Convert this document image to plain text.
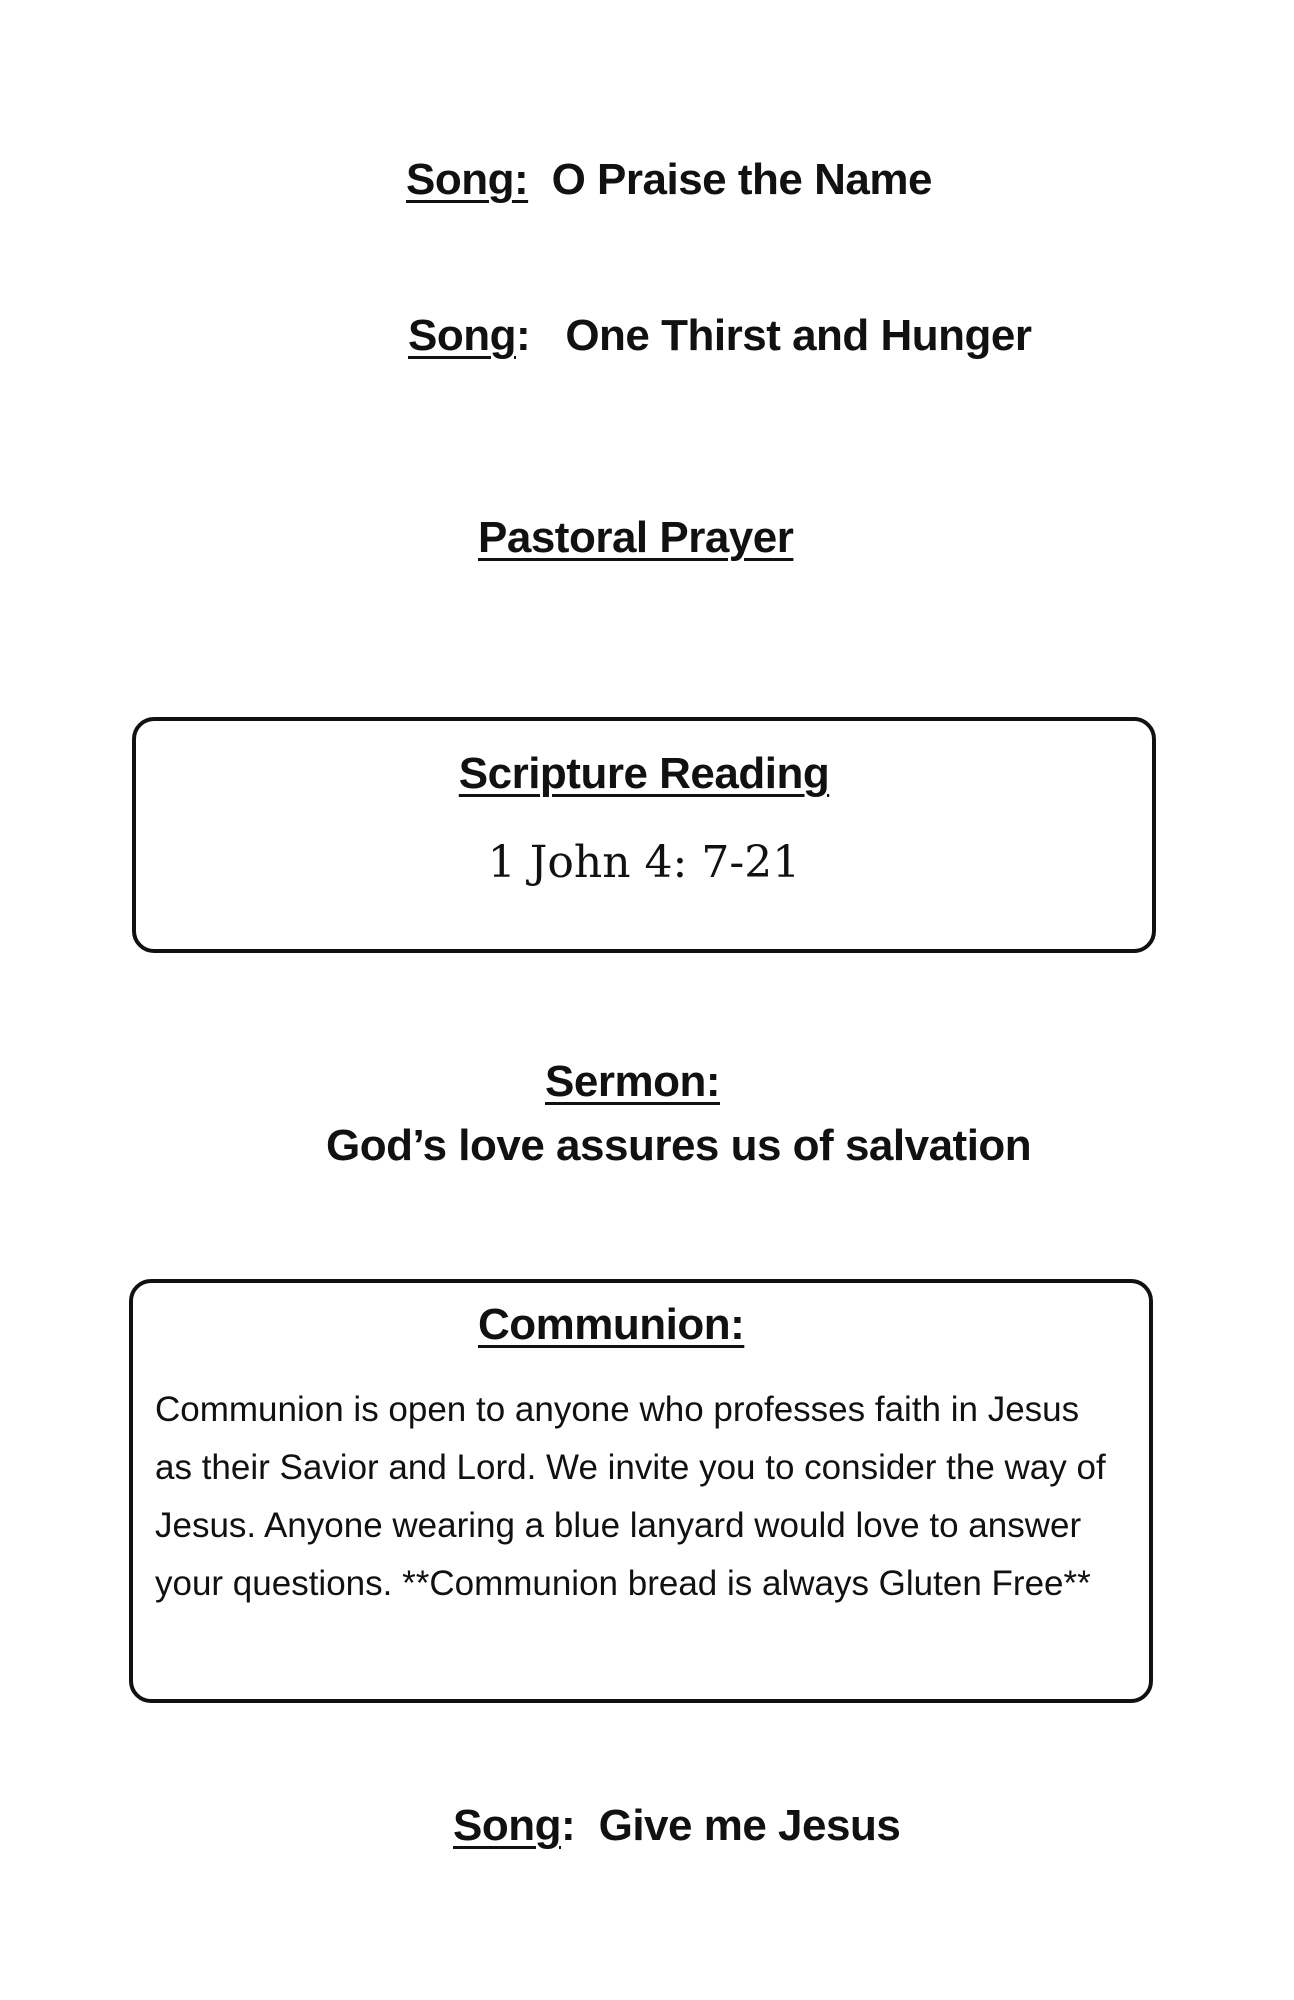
Song: O Praise the Name
Song: One Thirst and Hunger
Pastoral Prayer
Scripture Reading
1 John 4: 7-21
Sermon:
God’s love assures us of salvation
Communion:
Communion is open to anyone who professes faith in Jesus as their Savior and Lord. We invite you to consider the way of Jesus. Anyone wearing a blue lanyard would love to answer your questions. **Communion bread is always Gluten Free**
Song: Give me Jesus
